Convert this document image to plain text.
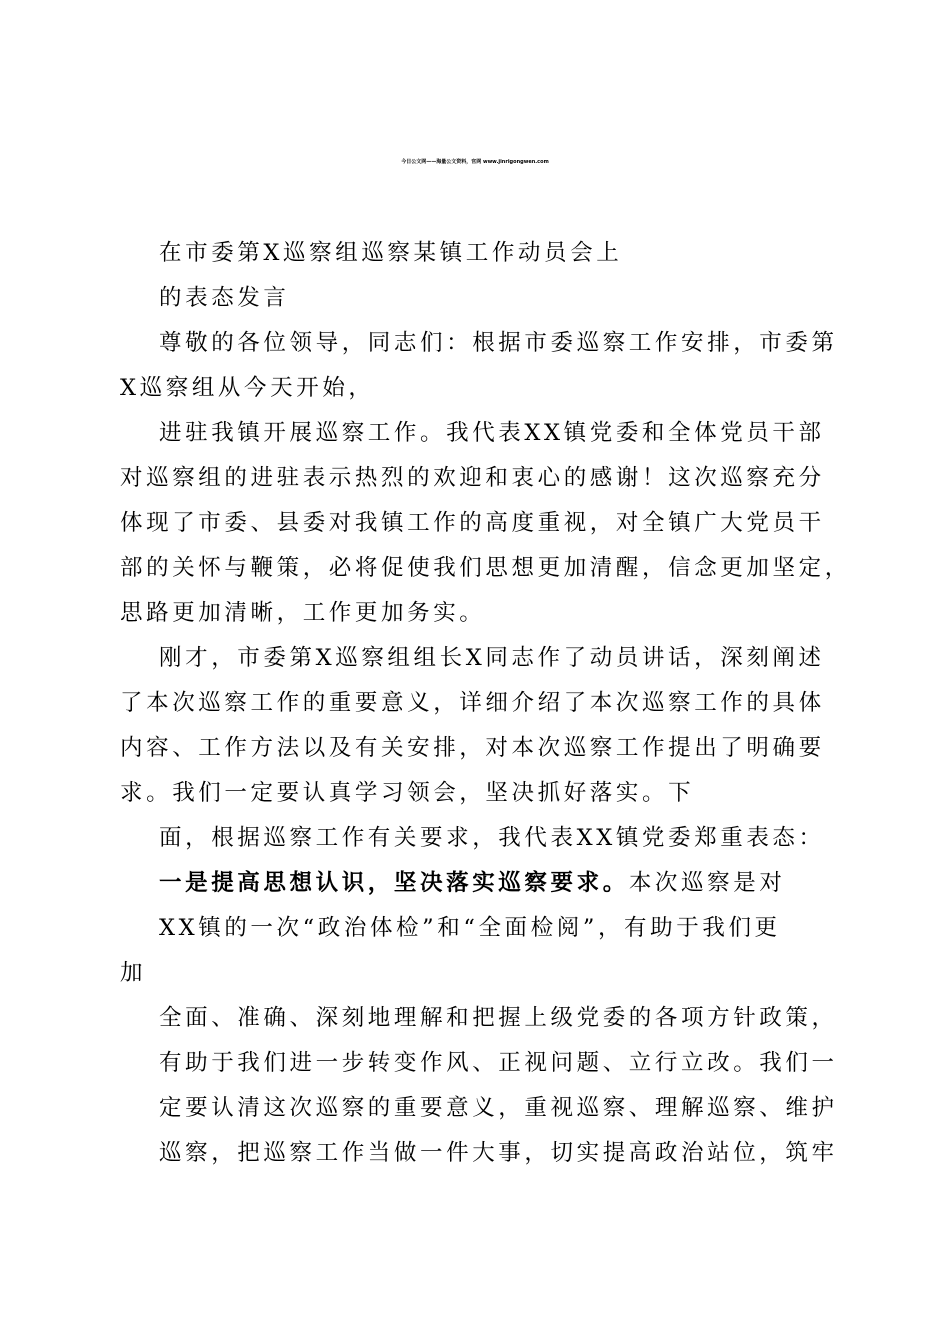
今日公文网——海量公文资料，官网 www.jinrigongwen.com
在市委第X巡察组巡察某镇工作动员会上
的表态发言
尊敬的各位领导，同志们：根据市委巡察工作安排，市委第
X巡察组从今天开始，
进驻我镇开展巡察工作。我代表XX镇党委和全体党员干部
对巡察组的进驻表示热烈的欢迎和衷心的感谢！这次巡察充分
体现了市委、县委对我镇工作的高度重视，对全镇广大党员干
部的关怀与鞭策，必将促使我们思想更加清醒，信念更加坚定，
思路更加清晰，工作更加务实。
刚才，市委第X巡察组组长X同志作了动员讲话，深刻阐述
了本次巡察工作的重要意义，详细介绍了本次巡察工作的具体
内容、工作方法以及有关安排，对本次巡察工作提出了明确要
求。我们一定要认真学习领会，坚决抓好落实。下
面，根据巡察工作有关要求，我代表XX镇党委郑重表态：
一是提高思想认识，坚决落实巡察要求。本次巡察是对
XX镇的一次“政治体检”和“全面检阅”，有助于我们更
加
全面、准确、深刻地理解和把握上级党委的各项方针政策，
有助于我们进一步转变作风、正视问题、立行立改。我们一
定要认清这次巡察的重要意义，重视巡察、理解巡察、维护
巡察，把巡察工作当做一件大事，切实提高政治站位，筑牢
